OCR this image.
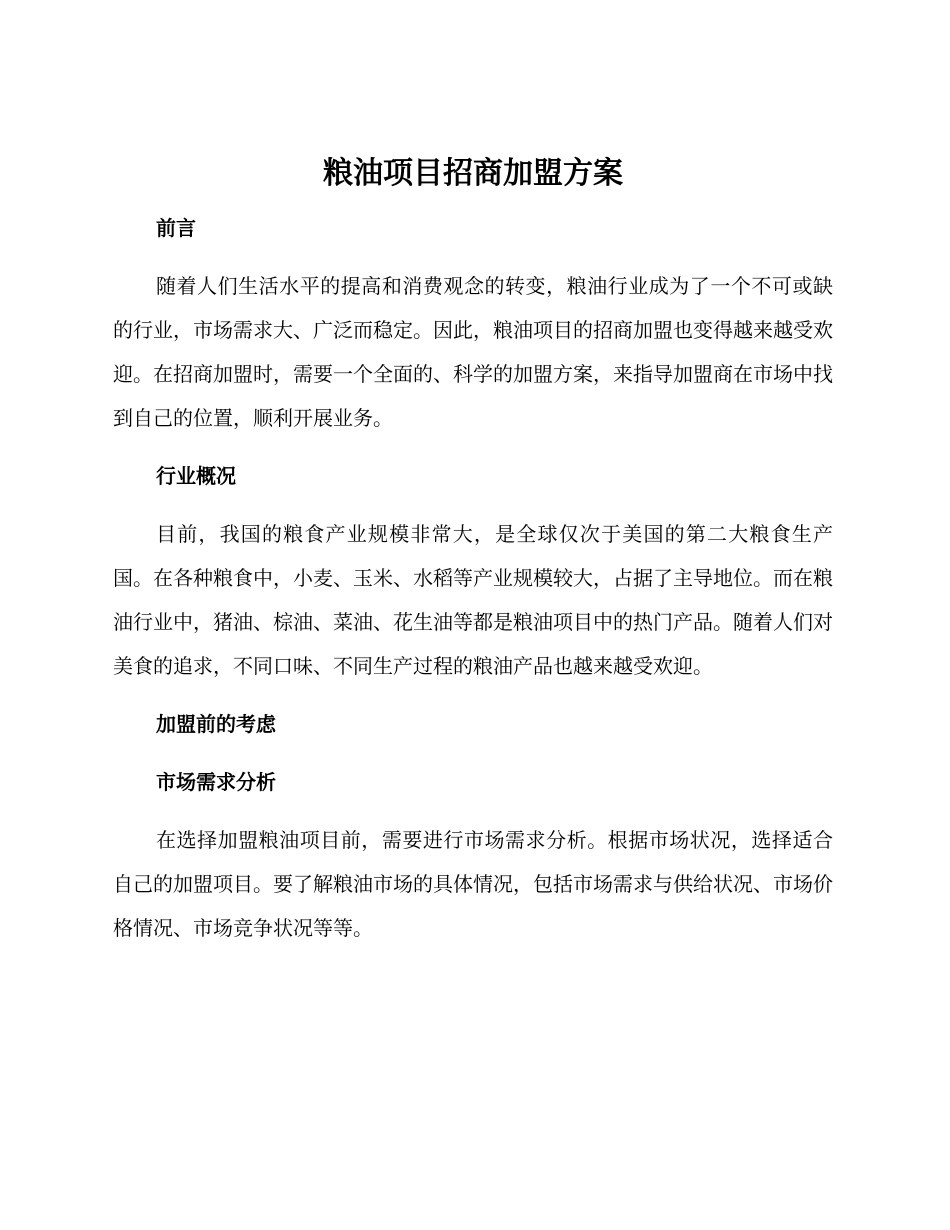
粮油项目招商加盟方案
前言

随着人们生活水平的提高和消费观念的转变，粮油行业成为了一个不可或缺的行业，市场需求大、广泛而稳定。因此，粮油项目的招商加盟也变得越来越受欢迎。在招商加盟时，需要一个全面的、科学的加盟方案，来指导加盟商在市场中找到自己的位置，顺利开展业务。

行业概况

目前，我国的粮食产业规模非常大，是全球仅次于美国的第二大粮食生产国。在各种粮食中，小麦、玉米、水稻等产业规模较大，占据了主导地位。而在粮油行业中，猪油、棕油、菜油、花生油等都是粮油项目中的热门产品。随着人们对美食的追求，不同口味、不同生产过程的粮油产品也越来越受欢迎。

加盟前的考虑
市场需求分析

在选择加盟粮油项目前，需要进行市场需求分析。根据市场状况，选择适合自己的加盟项目。要了解粮油市场的具体情况，包括市场需求与供给状况、市场价格情况、市场竞争状况等等。
